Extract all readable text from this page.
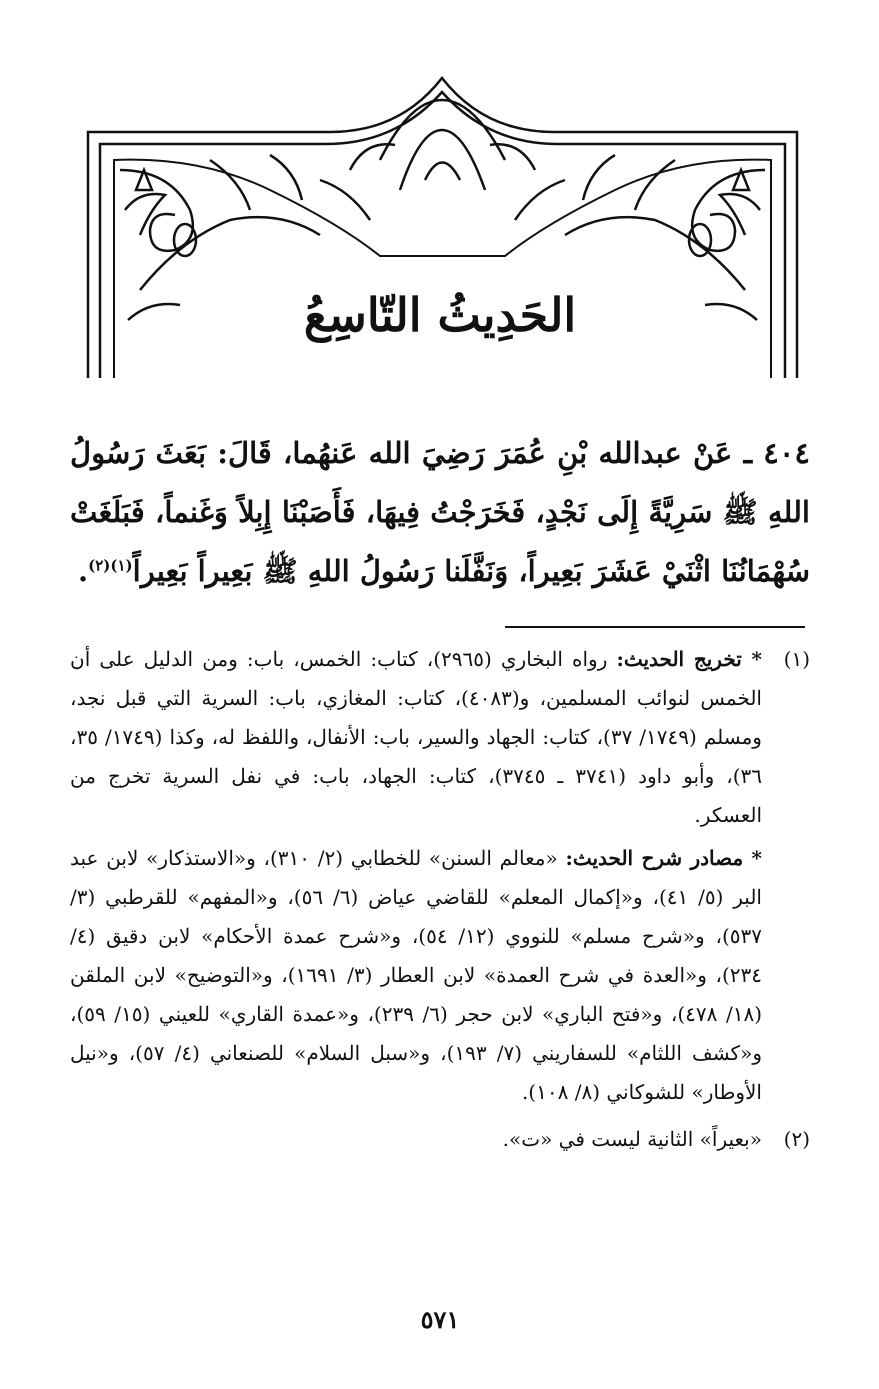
الحَدِيثُ التّاسِعُ

٤٠٤ ـ عَنْ عبدالله بْنِ عُمَرَ رَضِيَ الله عَنهُما، قَالَ: بَعَثَ رَسُولُ اللهِ ﷺ سَرِيَّةً إِلَى نَجْدٍ، فَخَرَجْتُ فِيهَا، فَأَصَبْنَا إِبِلاً وَغَنماً، فَبَلَغَتْ سُهْمَانُنَا اثْنَيْ عَشَرَ بَعِيراً، وَنَفَّلَنا رَسُولُ اللهِ ﷺ بَعِيراً بَعِيراً$^{(١)(٢)}$.

(١)

* تخريج الحديث: رواه البخاري (٢٩٦٥)، كتاب: الخمس، باب: ومن الدليل على أن الخمس لنوائب المسلمين، و(٤٠٨٣)، كتاب: المغازي، باب: السرية التي قبل نجد، ومسلم (١٧٤٩/ ٣٧)، كتاب: الجهاد والسير، باب: الأنفال، واللفظ له، وكذا (١٧٤٩/ ٣٥، ٣٦)، وأبو داود (٣٧٤١ ـ ٣٧٤٥)، كتاب: الجهاد، باب: في نفل السرية تخرج من العسكر.

* مصادر شرح الحديث: «معالم السنن» للخطابي (٢/ ٣١٠)، و«الاستذكار» لابن عبد البر (٥/ ٤١)، و«إكمال المعلم» للقاضي عياض (٦/ ٥٦)، و«المفهم» للقرطبي (٣/ ٥٣٧)، و«شرح مسلم» للنووي (١٢/ ٥٤)، و«شرح عمدة الأحكام» لابن دقيق (٤/ ٢٣٤)، و«العدة في شرح العمدة» لابن العطار (٣/ ١٦٩١)، و«التوضيح» لابن الملقن (١٨/ ٤٧٨)، و«فتح الباري» لابن حجر (٦/ ٢٣٩)، و«عمدة القاري» للعيني (١٥/ ٥٩)، و«كشف اللثام» للسفاريني (٧/ ١٩٣)، و«سبل السلام» للصنعاني (٤/ ٥٧)، و«نيل الأوطار» للشوكاني (٨/ ١٠٨).

(٢)

«بعيراً» الثانية ليست في «ت».

٥٧١
